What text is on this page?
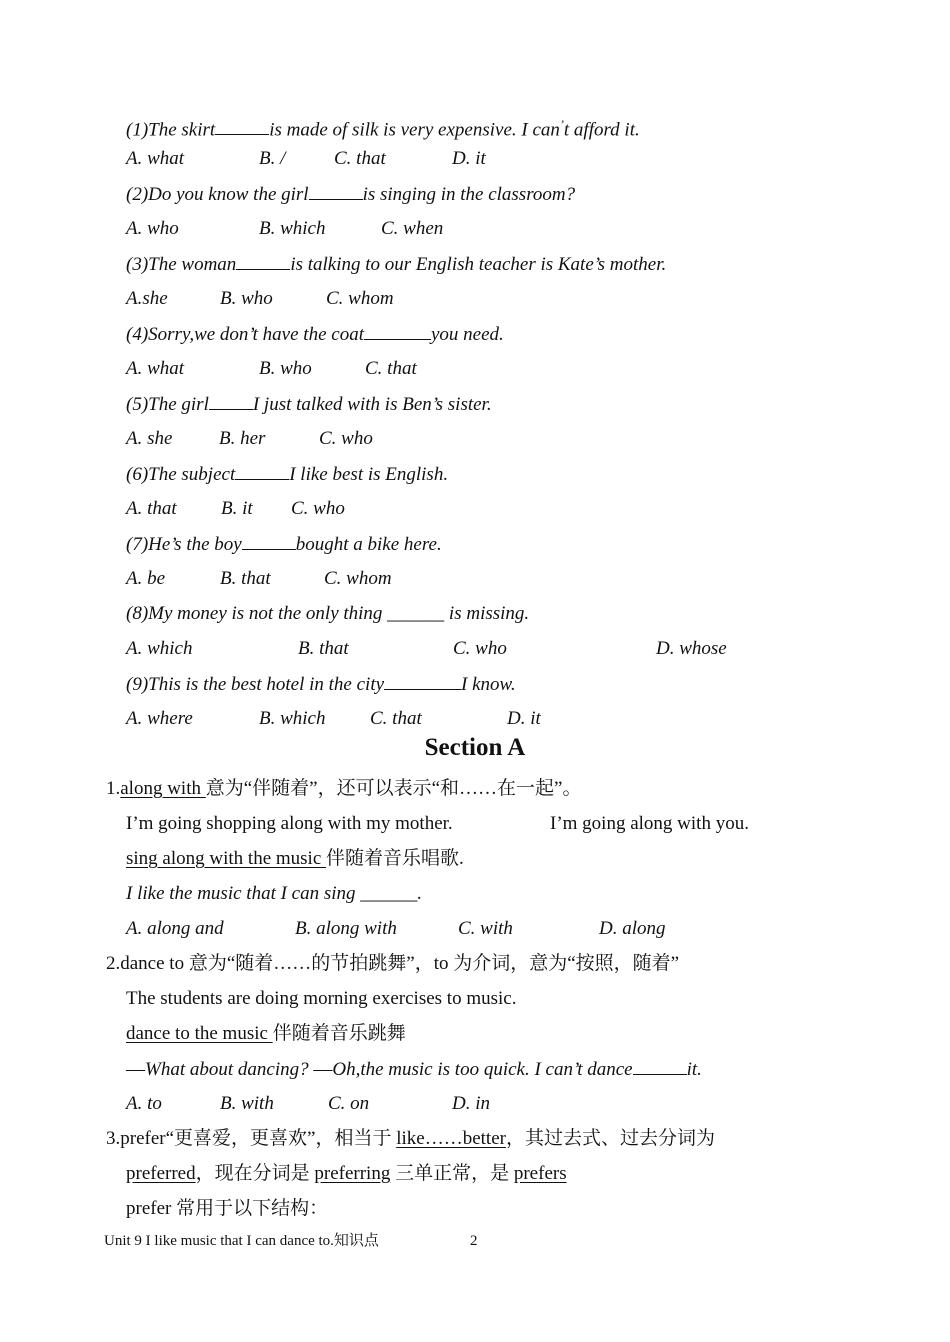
(1)The skirt	is made of silk is very expensive. I can’t afford it.
A. what	B. /	C. that	D. it
(2)Do you know the girl	is singing in the classroom?
A. who	B. which	C. when
(3)The woman	is talking to our English teacher is Kate’s mother.
A.she	B. who	C. whom
(4)Sorry,we don’t have the coat	you need.
A. what	B. who	C. that
(5)The girl I just talked with is Ben’s sister.
A. she B. her	C. who
(6)The subject	I like best is English.
A. that B. it C. who
(7)He’s the boy	bought a bike here.
A. be	B. that	C. whom
(8)My money is not the only thing ______ is missing.
A. which	B. that	C. who	D. whose
(9)This is the best hotel in the city	I know.
A. where	B. which C. that	D. it
Section A
1.along with 意为“伴随着”，还可以表示“和……在一起”。
I’m going shopping along with my mother.	I’m going along with you.
sing along with the music 伴随着音乐唱歌.
I like the music that I can sing ______.
A. along and	B. along with	C. with	D. along
2.dance to 意为“随着……的节拍跳舞”，to 为介词，意为“按照，随着”
The students are doing morning exercises to music.
dance to the music 伴随着音乐跳舞
—What about dancing? —Oh,the music is too quick. I can’t dance	it.
A. to	B. with	C. on	D. in
3.prefer“更喜爱，更喜欢”，相当于 like……better，其过去式、过去分词为
preferred，现在分词是 preferring 三单正常，是 prefers
prefer 常用于以下结构：
Unit 9 I like music that I can dance to.知识点	2
